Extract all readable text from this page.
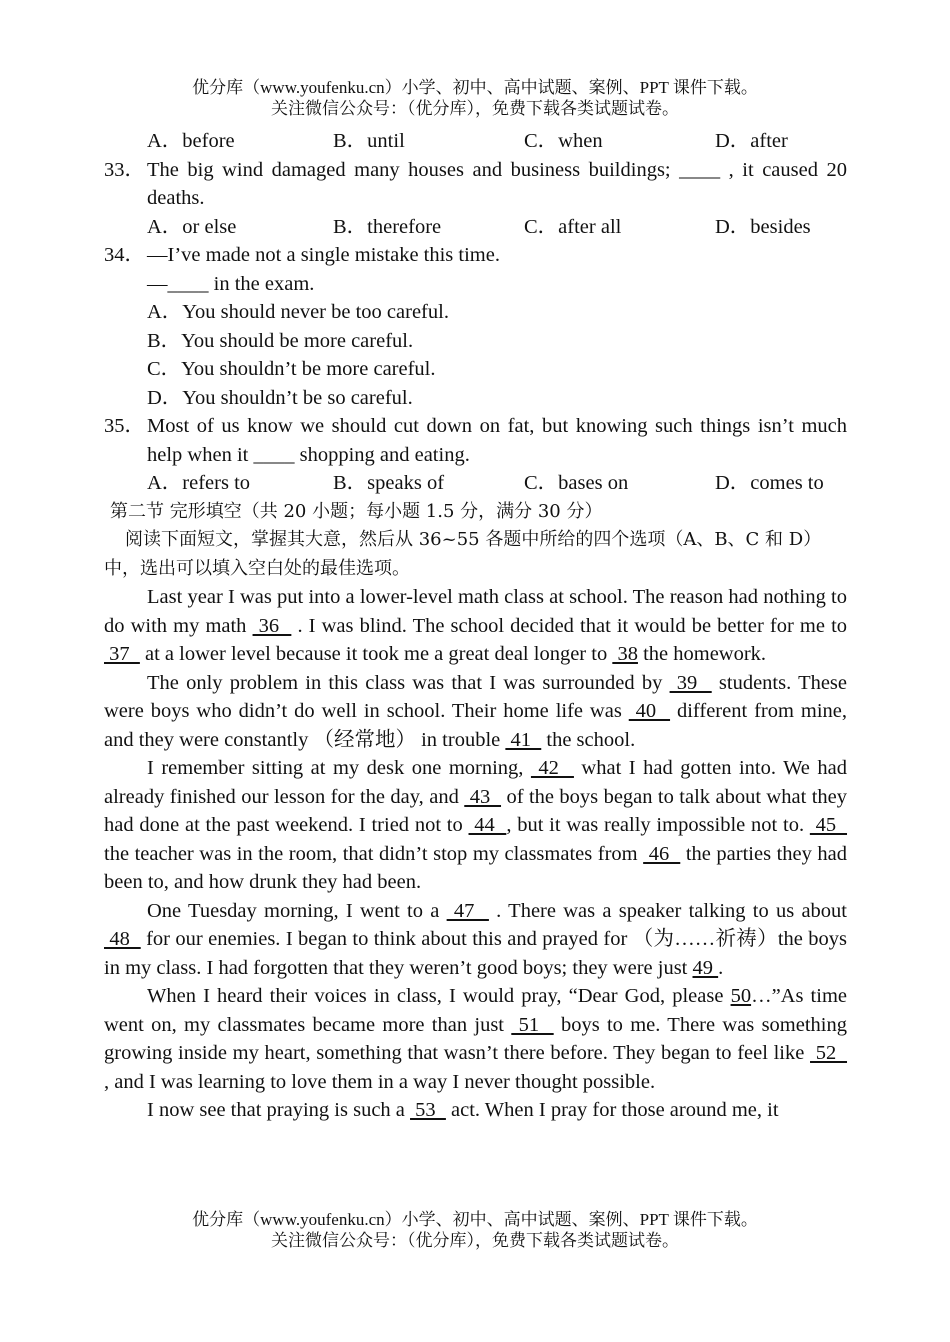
优分库（www.youfenku.cn）小学、初中、高中试题、案例、PPT 课件下载。
关注微信公众号：（优分库），免费下载各类试题试卷。
A．before	B．until	C．when	D．after
33． The big wind damaged many houses and business buildings; ____ , it caused 20 deaths.
A．or else	B．therefore	C．after all	D．besides
34． —I’ve made not a single mistake this time.
—____ in the exam.
A．You should never be too careful.
B．You should be more careful.
C．You shouldn’t be more careful.
D．You shouldn’t be so careful.
35． Most of us know we should cut down on fat, but knowing such things isn’t much help when it ____ shopping and eating.
A．refers to	B．speaks of	C．bases on	D．comes to
第二节 完形填空（共 20 小题；每小题 1.5 分，满分 30 分）
阅读下面短文，掌握其大意，然后从 36~55 各题中所给的四个选项（A、B、C 和 D）
中，选出可以填入空白处的最佳选项。
Last year I was put into a lower-level math class at school. The reason had nothing to do with my math  36   . I was blind. The school decided that it would be better for me to  37   at a lower level because it took me a great deal longer to  38 the homework.
The only problem in this class was that I was surrounded by  39   students. These were boys who didn’t do well in school. Their home life was  40   different from mine, and they were constantly （经常地） in trouble  41   the school.
I remember sitting at my desk one morning,  42   what I had gotten into. We had already finished our lesson for the day, and  43   of the boys began to talk about what they had done at the past weekend. I tried not to  44  , but it was really impossible not to.  45   the teacher was in the room, that didn’t stop my classmates from  46   the parties they had been to, and how drunk they had been.
One Tuesday morning, I went to a  47   . There was a speaker talking to us about  48   for our enemies. I began to think about this and prayed for （为……祈祷）the boys in my class. I had forgotten that they weren’t good boys; they were just 49 .
When I heard their voices in class, I would pray, “Dear God, please 50…”As time went on, my classmates became more than just  51   boys to me. There was something growing inside my heart, something that wasn’t there before. They began to feel like  52   , and I was learning to love them in a way I never thought possible.
I now see that praying is such a  53   act. When I pray for those around me, it
优分库（www.youfenku.cn）小学、初中、高中试题、案例、PPT 课件下载。
关注微信公众号：（优分库），免费下载各类试题试卷。
